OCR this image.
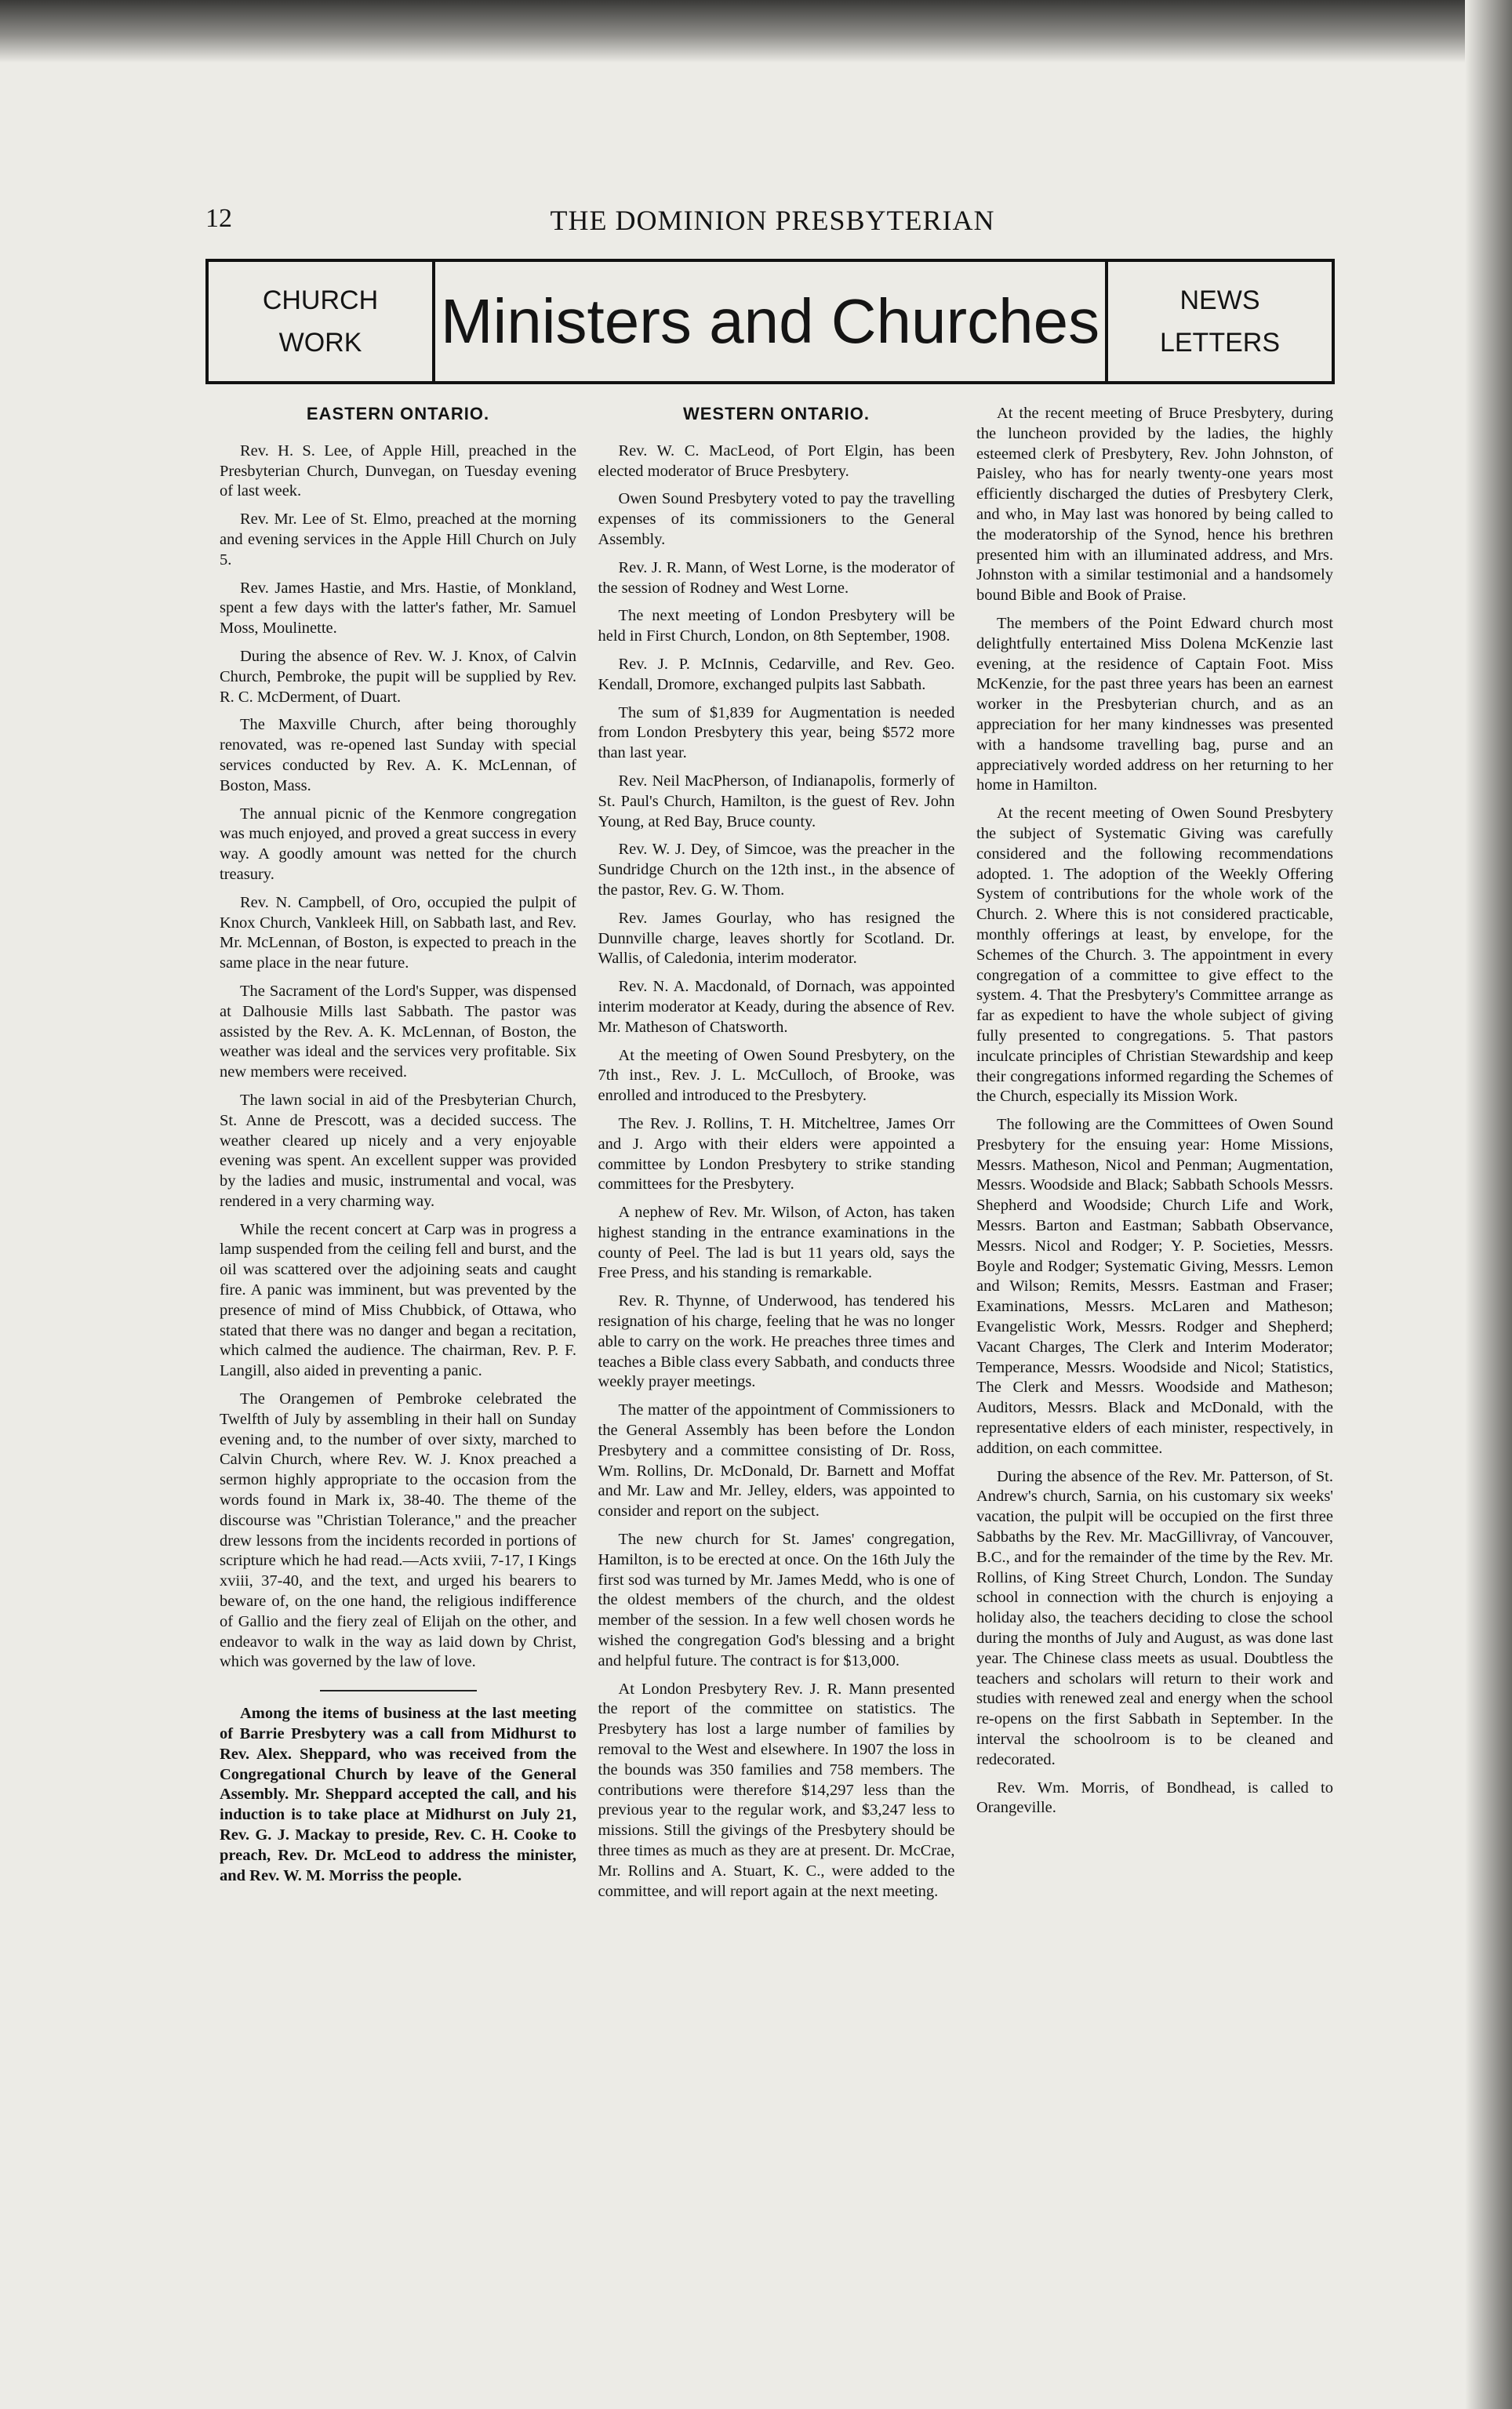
12	THE DOMINION PRESBYTERIAN
CHURCH
WORK Ministers and Churches	NEWS
LETTERS
EASTERN ONTARIO.

Rev. H. S. Lee, of Apple Hill, preached in the Presbyterian Church, Dunvegan, on Tuesday evening of last week.

Rev. Mr. Lee of St. Elmo, preached at the morning and evening services in the Apple Hill Church on July 5.

Rev. James Hastie, and Mrs. Hastie, of Monkland, spent a few days with the latter's father, Mr. Samuel Moss, Moulinette.

During the absence of Rev. W. J. Knox, of Calvin Church, Pembroke, the pupit will be supplied by Rev. R. C. McDerment, of Duart.

The Maxville Church, after being thoroughly renovated, was re-opened last Sunday with special services conducted by Rev. A. K. McLennan, of Boston, Mass.

The annual picnic of the Kenmore congregation was much enjoyed, and proved a great success in every way. A goodly amount was netted for the church treasury.

Rev. N. Campbell, of Oro, occupied the pulpit of Knox Church, Vankleek Hill, on Sabbath last, and Rev. Mr. McLennan, of Boston, is expected to preach in the same place in the near future.

The Sacrament of the Lord's Supper, was dispensed at Dalhousie Mills last Sabbath. The pastor was assisted by the Rev. A. K. McLennan, of Boston, the weather was ideal and the services very profitable. Six new members were received.

The lawn social in aid of the Presbyterian Church, St. Anne de Prescott, was a decided success. The weather cleared up nicely and a very enjoyable evening was spent. An excellent supper was provided by the ladies and music, instrumental and vocal, was rendered in a very charming way.

While the recent concert at Carp was in progress a lamp suspended from the ceiling fell and burst, and the oil was scattered over the adjoining seats and caught fire. A panic was imminent, but was prevented by the presence of mind of Miss Chubbick, of Ottawa, who stated that there was no danger and began a recitation, which calmed the audience. The chairman, Rev. P. F. Langill, also aided in preventing a panic.

The Orangemen of Pembroke celebrated the Twelfth of July by assembling in their hall on Sunday evening and, to the number of over sixty, marched to Calvin Church, where Rev. W. J. Knox preached a sermon highly appropriate to the occasion from the words found in Mark ix, 38-40. The theme of the discourse was "Christian Tolerance," and the preacher drew lessons from the incidents recorded in portions of scripture which he had read.—Acts xviii, 7-17, I Kings xviii, 37-40, and the text, and urged his bearers to beware of, on the one hand, the religious indifference of Gallio and the fiery zeal of Elijah on the other, and endeavor to walk in the way as laid down by Christ, which was governed by the law of love.

Among the items of business at the last meeting of Barrie Presbytery was a call from Midhurst to Rev. Alex. Sheppard, who was received from the Congregational Church by leave of the General Assembly. Mr. Sheppard accepted the call, and his induction is to take place at Midhurst on July 21, Rev. G. J. Mackay to preside, Rev. C. H. Cooke to preach, Rev. Dr. McLeod to address the minister, and Rev. W. M. Morriss the people.

WESTERN ONTARIO.

Rev. W. C. MacLeod, of Port Elgin, has been elected moderator of Bruce Presbytery.

Owen Sound Presbytery voted to pay the travelling expenses of its commissioners to the General Assembly.

Rev. J. R. Mann, of West Lorne, is the moderator of the session of Rodney and West Lorne.

The next meeting of London Presbytery will be held in First Church, London, on 8th September, 1908.

Rev. J. P. McInnis, Cedarville, and Rev. Geo. Kendall, Dromore, exchanged pulpits last Sabbath.

The sum of $1,839 for Augmentation is needed from London Presbytery this year, being $572 more than last year.

Rev. Neil MacPherson, of Indianapolis, formerly of St. Paul's Church, Hamilton, is the guest of Rev. John Young, at Red Bay, Bruce county.

Rev. W. J. Dey, of Simcoe, was the preacher in the Sundridge Church on the 12th inst., in the absence of the pastor, Rev. G. W. Thom.

Rev. James Gourlay, who has resigned the Dunnville charge, leaves shortly for Scotland. Dr. Wallis, of Caledonia, interim moderator.

Rev. N. A. Macdonald, of Dornach, was appointed interim moderator at Keady, during the absence of Rev. Mr. Matheson of Chatsworth.

At the meeting of Owen Sound Presbytery, on the 7th inst., Rev. J. L. McCulloch, of Brooke, was enrolled and introduced to the Presbytery.

The Rev. J. Rollins, T. H. Mitcheltree, James Orr and J. Argo with their elders were appointed a committee by London Presbytery to strike standing committees for the Presbytery.

A nephew of Rev. Mr. Wilson, of Acton, has taken highest standing in the entrance examinations in the county of Peel. The lad is but 11 years old, says the Free Press, and his standing is remarkable.

Rev. R. Thynne, of Underwood, has tendered his resignation of his charge, feeling that he was no longer able to carry on the work. He preaches three times and teaches a Bible class every Sabbath, and conducts three weekly prayer meetings.

The matter of the appointment of Commissioners to the General Assembly has been before the London Presbytery and a committee consisting of Dr. Ross, Wm. Rollins, Dr. McDonald, Dr. Barnett and Moffat and Mr. Law and Mr. Jelley, elders, was appointed to consider and report on the subject.

The new church for St. James' congregation, Hamilton, is to be erected at once. On the 16th July the first sod was turned by Mr. James Medd, who is one of the oldest members of the church, and the oldest member of the session. In a few well chosen words he wished the congregation God's blessing and a bright and helpful future. The contract is for $13,000.

At London Presbytery Rev. J. R. Mann presented the report of the committee on statistics. The Presbytery has lost a large number of families by removal to the West and elsewhere. In 1907 the loss in the bounds was 350 families and 758 members. The contributions were therefore $14,297 less than the previous year to the regular work, and $3,247 less to missions. Still the givings of the Presbytery should be three times as much as they are at present. Dr. McCrae, Mr. Rollins and A. Stuart, K. C., were added to the committee, and will report again at the next meeting.

At the recent meeting of Bruce Presbytery, during the luncheon provided by the ladies, the highly esteemed clerk of Presbytery, Rev. John Johnston, of Paisley, who has for nearly twenty-one years most efficiently discharged the duties of Presbytery Clerk, and who, in May last was honored by being called to the moderatorship of the Synod, hence his brethren presented him with an illuminated address, and Mrs. Johnston with a similar testimonial and a handsomely bound Bible and Book of Praise.

The members of the Point Edward church most delightfully entertained Miss Dolena McKenzie last evening, at the residence of Captain Foot. Miss McKenzie, for the past three years has been an earnest worker in the Presbyterian church, and as an appreciation for her many kindnesses was presented with a handsome travelling bag, purse and an appreciatively worded address on her returning to her home in Hamilton.

At the recent meeting of Owen Sound Presbytery the subject of Systematic Giving was carefully considered and the following recommendations adopted. 1. The adoption of the Weekly Offering System of contributions for the whole work of the Church. 2. Where this is not considered practicable, monthly offerings at least, by envelope, for the Schemes of the Church. 3. The appointment in every congregation of a committee to give effect to the system. 4. That the Presbytery's Committee arrange as far as expedient to have the whole subject of giving fully presented to congregations. 5. That pastors inculcate principles of Christian Stewardship and keep their congregations informed regarding the Schemes of the Church, especially its Mission Work.

The following are the Committees of Owen Sound Presbytery for the ensuing year: Home Missions, Messrs. Matheson, Nicol and Penman; Augmentation, Messrs. Woodside and Black; Sabbath Schools Messrs. Shepherd and Woodside; Church Life and Work, Messrs. Barton and Eastman; Sabbath Observance, Messrs. Nicol and Rodger; Y. P. Societies, Messrs. Boyle and Rodger; Systematic Giving, Messrs. Lemon and Wilson; Remits, Messrs. Eastman and Fraser; Examinations, Messrs. McLaren and Matheson; Evangelistic Work, Messrs. Rodger and Shepherd; Vacant Charges, The Clerk and Interim Moderator; Temperance, Messrs. Woodside and Nicol; Statistics, The Clerk and Messrs. Woodside and Matheson; Auditors, Messrs. Black and McDonald, with the representative elders of each minister, respectively, in addition, on each committee.

During the absence of the Rev. Mr. Patterson, of St. Andrew's church, Sarnia, on his customary six weeks' vacation, the pulpit will be occupied on the first three Sabbaths by the Rev. Mr. MacGillivray, of Vancouver, B.C., and for the remainder of the time by the Rev. Mr. Rollins, of King Street Church, London. The Sunday school in connection with the church is enjoying a holiday also, the teachers deciding to close the school during the months of July and August, as was done last year. The Chinese class meets as usual. Doubtless the teachers and scholars will return to their work and studies with renewed zeal and energy when the school re-opens on the first Sabbath in September. In the interval the schoolroom is to be cleaned and redecorated.

Rev. Wm. Morris, of Bondhead, is called to Orangeville.
